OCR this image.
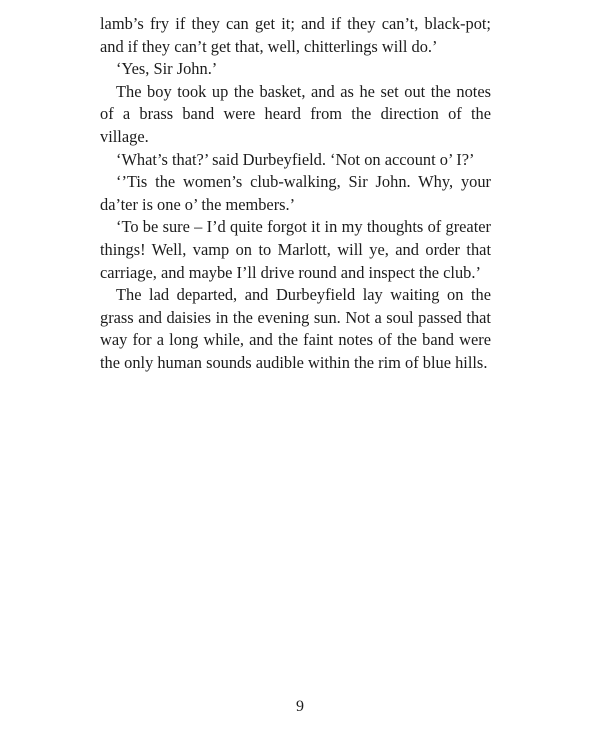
lamb’s fry if they can get it; and if they can’t, black-pot; and if they can’t get that, well, chitterlings will do.’

‘Yes, Sir John.’

The boy took up the basket, and as he set out the notes of a brass band were heard from the direction of the village.

‘What’s that?’ said Durbeyfield. ‘Not on account o’ I?’

‘’Tis the women’s club-walking, Sir John. Why, your da’ter is one o’ the members.’

‘To be sure – I’d quite forgot it in my thoughts of greater things! Well, vamp on to Marlott, will ye, and order that carriage, and maybe I’ll drive round and inspect the club.’

The lad departed, and Durbeyfield lay waiting on the grass and daisies in the evening sun. Not a soul passed that way for a long while, and the faint notes of the band were the only human sounds audible within the rim of blue hills.

9
